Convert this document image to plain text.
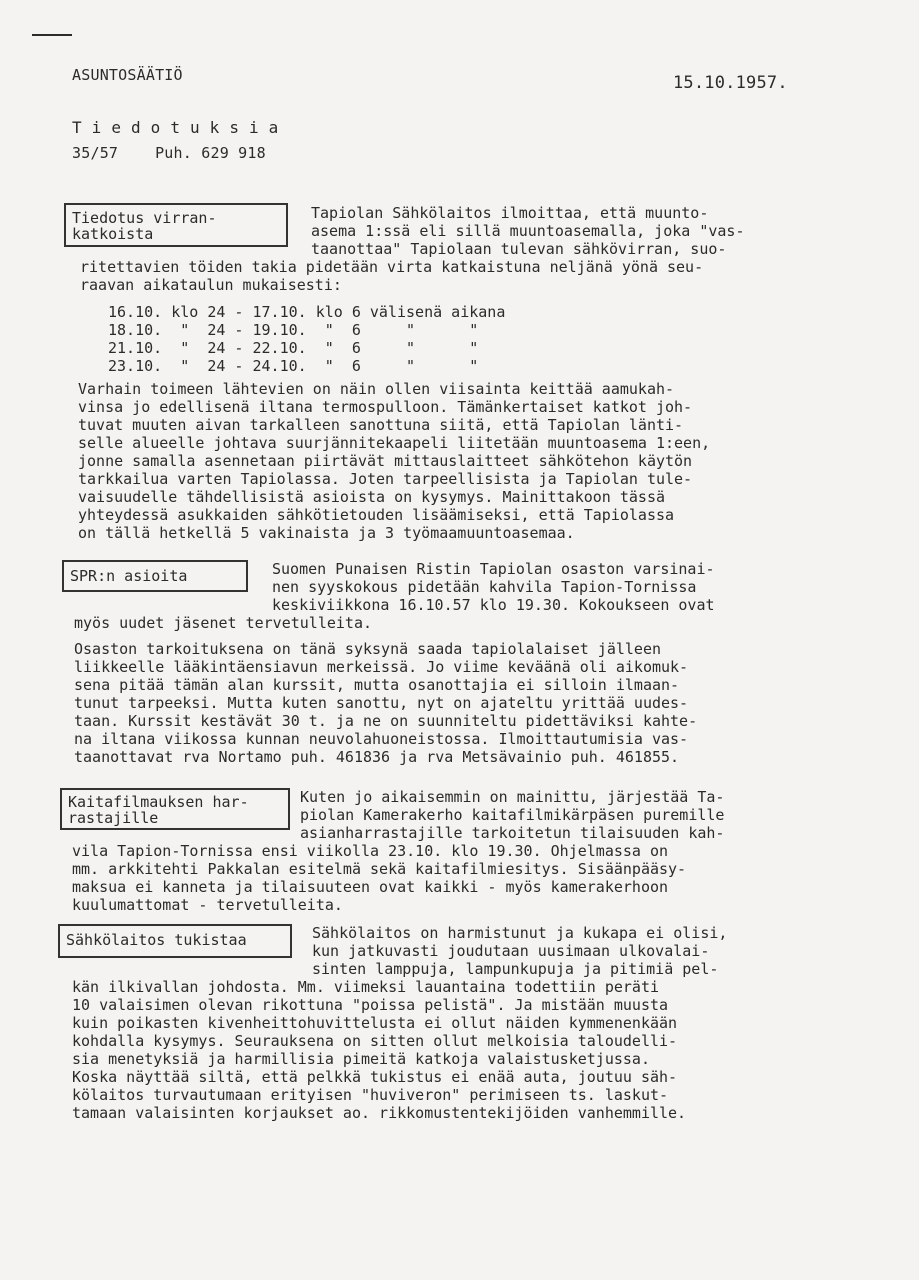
ASUNTOSÄÄTIÖ	15.10.1957.
T i e d o t u k s i a
35/57    Puh. 629 918
Tiedotus virran-
katkoista
Tapiolan Sähkölaitos ilmoittaa, että muunto-
asema 1:ssä eli sillä muuntoasemalla, joka "vas-
taanottaa" Tapiolaan tulevan sähkövirran, suo-
ritettavien töiden takia pidetään virta katkaistuna neljänä yönä seu-
raavan aikataulun mukaisesti:
16.10. klo 24 - 17.10. klo 6 välisenä aikana
18.10.  "  24 - 19.10.  "  6     "      "
21.10.  "  24 - 22.10.  "  6     "      "
23.10.  "  24 - 24.10.  "  6     "      "
Varhain toimeen lähtevien on näin ollen viisainta keittää aamukah-
vinsa jo edellisenä iltana termospulloon. Tämänkertaiset katkot joh-
tuvat muuten aivan tarkalleen sanottuna siitä, että Tapiolan länti-
selle alueelle johtava suurjännitekaapeli liitetään muuntoasema 1:een,
jonne samalla asennetaan piirtävät mittauslaitteet sähkötehon käytön
tarkkailua varten Tapiolassa. Joten tarpeellisista ja Tapiolan tule-
vaisuudelle tähdellisistä asioista on kysymys. Mainittakoon tässä
yhteydessä asukkaiden sähkötietouden lisäämiseksi, että Tapiolassa
on tällä hetkellä 5 vakinaista ja 3 työmaamuuntoasemaa.
SPR:n asioita	Suomen Punaisen Ristin Tapiolan osaston varsinai-
nen syyskokous pidetään kahvila Tapion-Tornissa
keskiviikkona 16.10.57 klo 19.30. Kokoukseen ovat
myös uudet jäsenet tervetulleita.
Osaston tarkoituksena on tänä syksynä saada tapiolalaiset jälleen
liikkeelle lääkintäensiavun merkeissä. Jo viime keväänä oli aikomuk-
sena pitää tämän alan kurssit, mutta osanottajia ei silloin ilmaan-
tunut tarpeeksi. Mutta kuten sanottu, nyt on ajateltu yrittää uudes-
taan. Kurssit kestävät 30 t. ja ne on suunniteltu pidettäviksi kahte-
na iltana viikossa kunnan neuvolahuoneistossa. Ilmoittautumisia vas-
taanottavat rva Nortamo puh. 461836 ja rva Metsävainio puh. 461855.
Kaitafilmauksen har-
rastajille
Kuten jo aikaisemmin on mainittu, järjestää Ta-
piolan Kamerakerho kaitafilmikärpäsen puremille
asianharrastajille tarkoitetun tilaisuuden kah-
vila Tapion-Tornissa ensi viikolla 23.10. klo 19.30. Ohjelmassa on
mm. arkkitehti Pakkalan esitelmä sekä kaitafilmiesitys. Sisäänpääsy-
maksua ei kanneta ja tilaisuuteen ovat kaikki - myös kamerakerhoon
kuulumattomat - tervetulleita.
Sähkölaitos tukistaa	Sähkölaitos on harmistunut ja kukapa ei olisi,
kun jatkuvasti joudutaan uusimaan ulkovalai-
sinten lamppuja, lampunkupuja ja pitimiä pel-
kän ilkivallan johdosta. Mm. viimeksi lauantaina todettiin peräti
10 valaisimen olevan rikottuna "poissa pelistä". Ja mistään muusta
kuin poikasten kivenheittohuvittelusta ei ollut näiden kymmenenkään
kohdalla kysymys. Seurauksena on sitten ollut melkoisia taloudelli-
sia menetyksiä ja harmillisia pimeitä katkoja valaistusketjussa.
Koska näyttää siltä, että pelkkä tukistus ei enää auta, joutuu säh-
kölaitos turvautumaan erityisen "huviveron" perimiseen ts. laskut-
tamaan valaisinten korjaukset ao. rikkomustentekijöiden vanhemmille.
